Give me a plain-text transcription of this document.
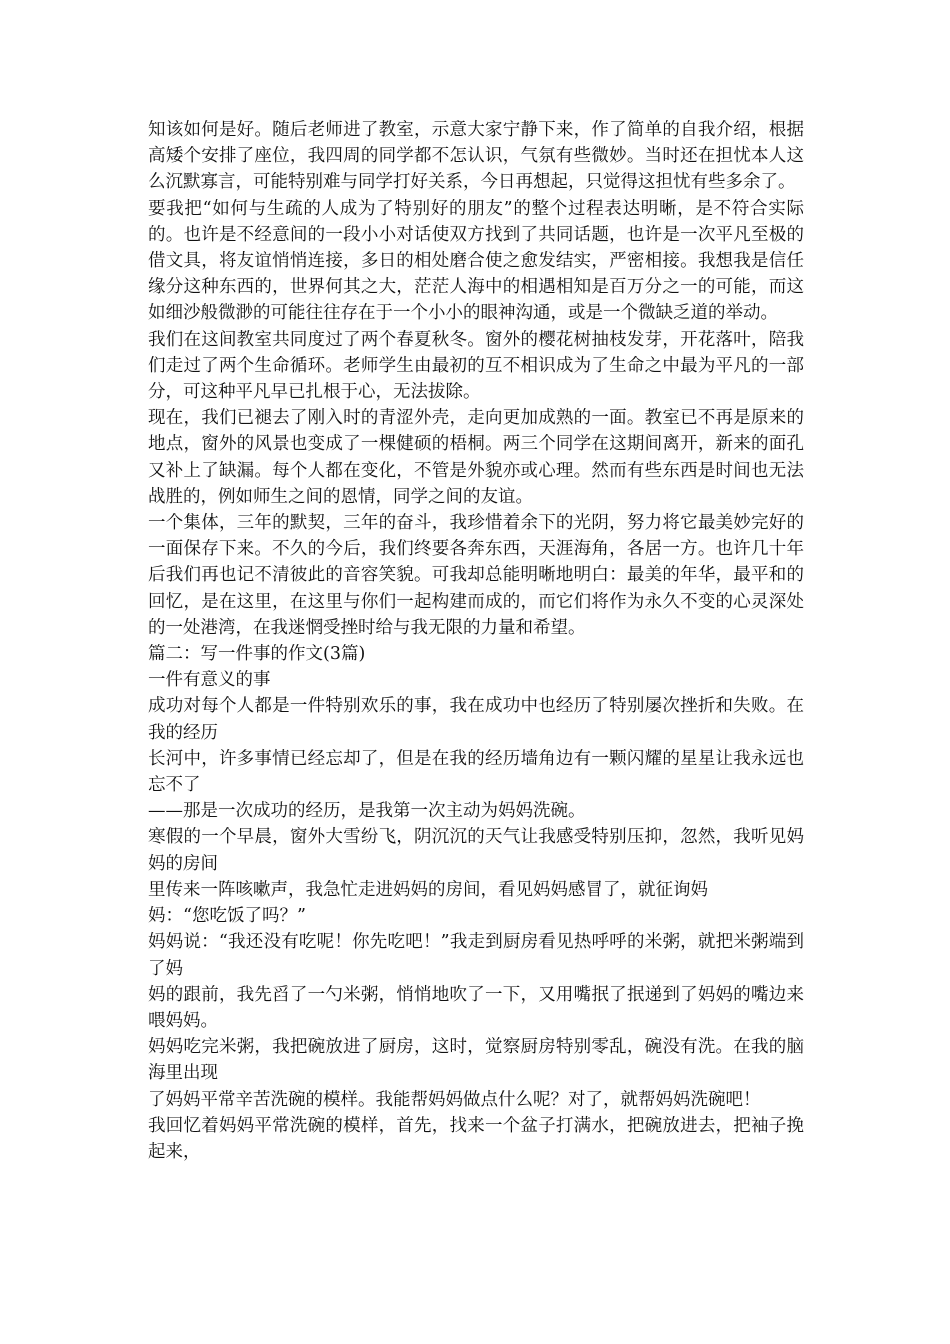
知该如何是好。随后老师进了教室，示意大家宁静下来，作了简单的自我介绍，根据高矮个安排了座位，我四周的同学都不怎认识，气氛有些微妙。当时还在担忧本人这么沉默寡言，可能特别难与同学打好关系，今日再想起，只觉得这担忧有些多余了。

要我把“如何与生疏的人成为了特别好的朋友”的整个过程表达明晰，是不符合实际的。也许是不经意间的一段小小对话使双方找到了共同话题，也许是一次平凡至极的借文具，将友谊悄悄连接，多日的相处磨合使之愈发结实，严密相接。我想我是信任缘分这种东西的，世界何其之大，茫茫人海中的相遇相知是百万分之一的可能，而这如细沙般微渺的可能往往存在于一个小小的眼神沟通，或是一个微缺乏道的举动。

我们在这间教室共同度过了两个春夏秋冬。窗外的樱花树抽枝发芽，开花落叶，陪我们走过了两个生命循环。老师学生由最初的互不相识成为了生命之中最为平凡的一部分，可这种平凡早已扎根于心，无法拔除。

现在，我们已褪去了刚入时的青涩外壳，走向更加成熟的一面。教室已不再是原来的地点，窗外的风景也变成了一棵健硕的梧桐。两三个同学在这期间离开，新来的面孔又补上了缺漏。每个人都在变化，不管是外貌亦或心理。然而有些东西是时间也无法战胜的，例如师生之间的恩情，同学之间的友谊。

一个集体，三年的默契，三年的奋斗，我珍惜着余下的光阴，努力将它最美妙完好的一面保存下来。不久的今后，我们终要各奔东西，天涯海角，各居一方。也许几十年后我们再也记不清彼此的音容笑貌。可我却总能明晰地明白：最美的年华，最平和的回忆，是在这里，在这里与你们一起构建而成的，而它们将作为永久不变的心灵深处的一处港湾，在我迷惘受挫时给与我无限的力量和希望。

篇二：写一件事的作文(3篇)

一件有意义的事

成功对每个人都是一件特别欢乐的事，我在成功中也经历了特别屡次挫折和失败。在我的经历

长河中，许多事情已经忘却了，但是在我的经历墙角边有一颗闪耀的星星让我永远也忘不了

——那是一次成功的经历，是我第一次主动为妈妈洗碗。

寒假的一个早晨，窗外大雪纷飞，阴沉沉的天气让我感受特别压抑，忽然，我听见妈妈的房间

里传来一阵咳嗽声，我急忙走进妈妈的房间，看见妈妈感冒了，就征询妈

妈：“您吃饭了吗？”

妈妈说：“我还没有吃呢！你先吃吧！”我走到厨房看见热呼呼的米粥，就把米粥端到了妈

妈的跟前，我先舀了一勺米粥，悄悄地吹了一下，又用嘴抿了抿递到了妈妈的嘴边来喂妈妈。

妈妈吃完米粥，我把碗放进了厨房，这时，觉察厨房特别零乱，碗没有洗。在我的脑海里出现

了妈妈平常辛苦洗碗的模样。我能帮妈妈做点什么呢？对了，就帮妈妈洗碗吧！

我回忆着妈妈平常洗碗的模样，首先，找来一个盆子打满水，把碗放进去，把袖子挽起来，
